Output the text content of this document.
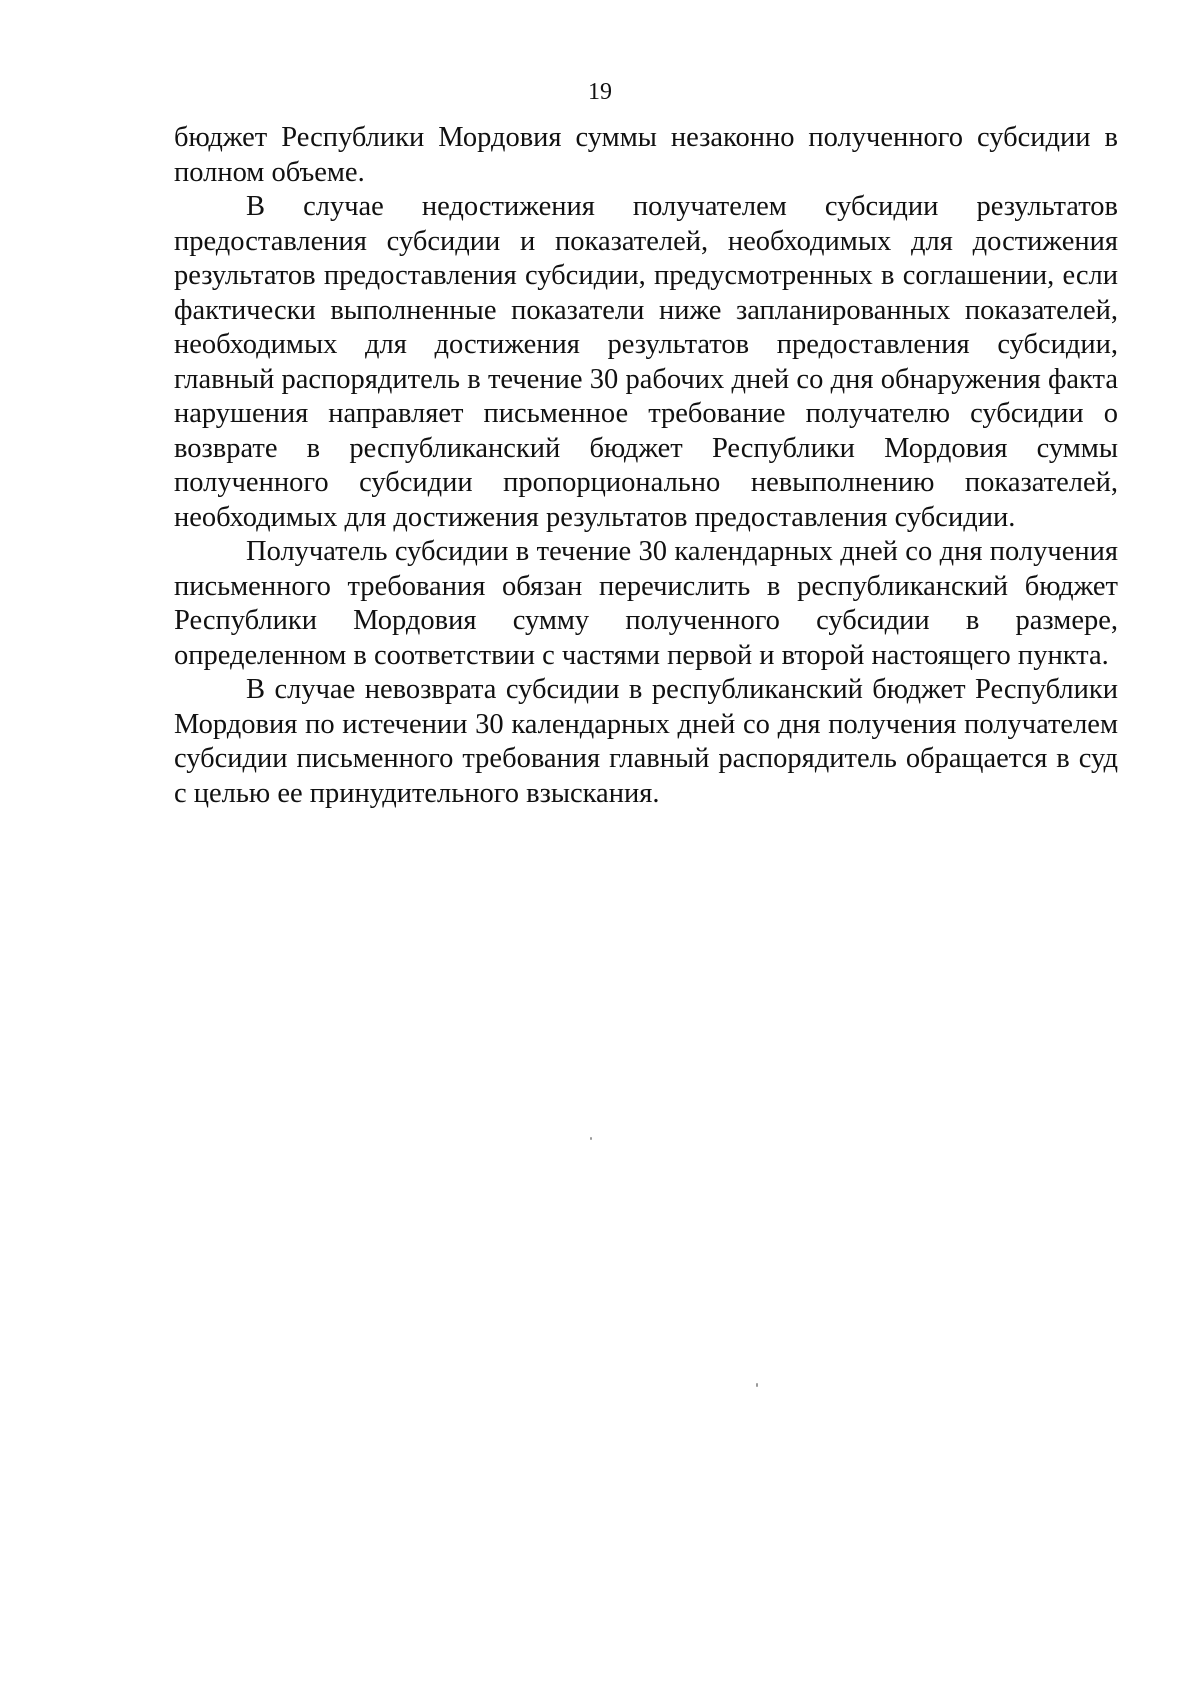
19

бюджет Республики Мордовия суммы незаконно полученного субсидии в полном объеме.

В случае недостижения получателем субсидии результатов предоставления субсидии и показателей, необходимых для достижения результатов предоставления субсидии, предусмотренных в соглашении, если фактически выполненные показатели ниже запланированных показателей, необходимых для достижения результатов предоставления субсидии, главный распорядитель в течение 30 рабочих дней со дня обнаружения факта нарушения направляет письменное требование получателю субсидии о возврате в республиканский бюджет Республики Мордовия суммы полученного субсидии пропорционально невыполнению показателей, необходимых для достижения результатов предоставления субсидии.

Получатель субсидии в течение 30 календарных дней со дня получения письменного требования обязан перечислить в республиканский бюджет Республики Мордовия сумму полученного субсидии в размере, определенном в соответствии с частями первой и второй настоящего пункта.

В случае невозврата субсидии в республиканский бюджет Республики Мордовия по истечении 30 календарных дней со дня получения получателем субсидии письменного требования главный распорядитель обращается в суд с целью ее принудительного взыскания.
